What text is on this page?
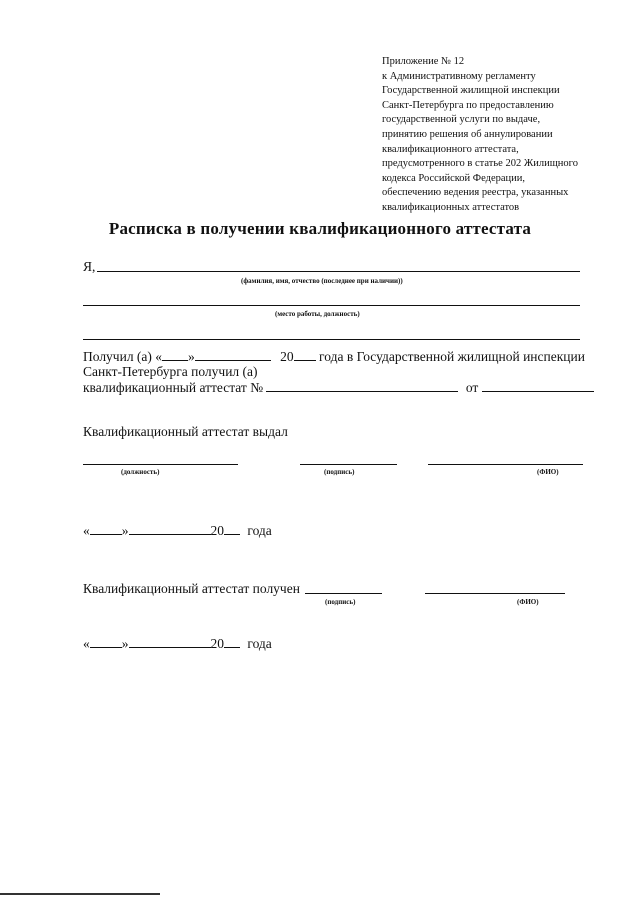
Приложение № 12
к Административному регламенту
Государственной жилищной инспекции
Санкт-Петербурга по предоставлению
государственной услуги по выдаче,
принятию решения об аннулировании
квалификационного аттестата,
предусмотренного в статье 202 Жилищного
кодекса Российской Федерации,
обеспечению ведения реестра, указанных
квалификационных аттестатов
Расписка в получении квалификационного аттестата
Я,
(фамилия, имя, отчество (последнее при наличии))
(место работы, должность)
Получил (а) « »	20 года в Государственной жилищной инспекции
Санкт-Петербурга получил (а)
квалификационный аттестат №	от
Квалификационный аттестат выдал
(должность)	(подпись)	(ФИО)
« »	20 года
Квалификационный аттестат получен
(подпись)	(ФИО)
« »	20 года
